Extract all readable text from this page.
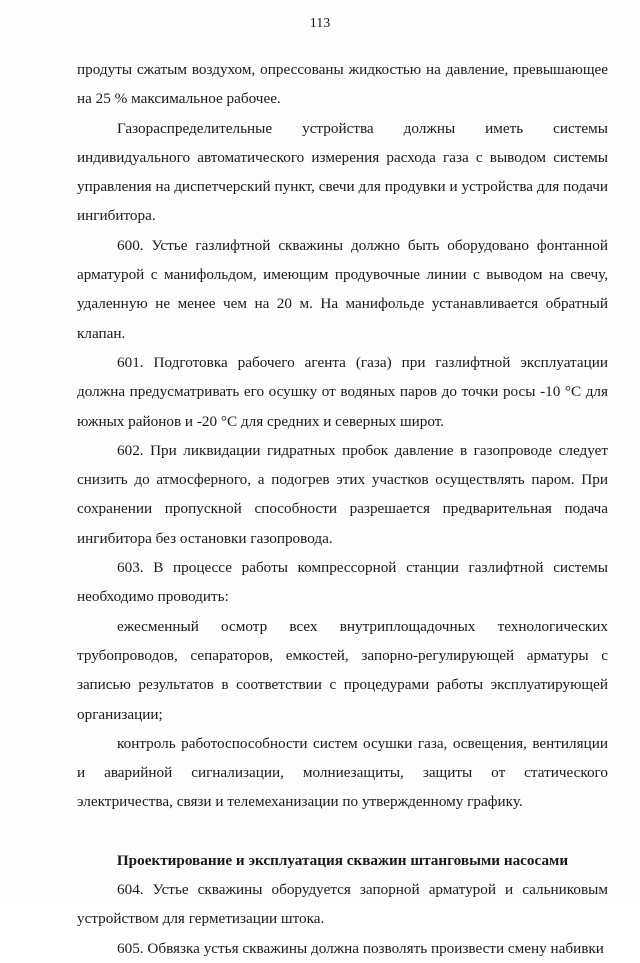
113

продуты сжатым воздухом, опрессованы жидкостью на давление, превышающее на 25 % максимальное рабочее.

Газораспределительные устройства должны иметь системы индивидуального автоматического измерения расхода газа с выводом системы управления на диспетчерский пункт, свечи для продувки и устройства для подачи ингибитора.

600. Устье газлифтной скважины должно быть оборудовано фонтанной арматурой с манифольдом, имеющим продувочные линии с выводом на свечу, удаленную не менее чем на 20 м. На манифольде устанавливается обратный клапан.

601. Подготовка рабочего агента (газа) при газлифтной эксплуатации должна предусматривать его осушку от водяных паров до точки росы -10 °С для южных районов и -20 °С для средних и северных широт.

602. При ликвидации гидратных пробок давление в газопроводе следует снизить до атмосферного, а подогрев этих участков осуществлять паром. При сохранении пропускной способности разрешается предварительная подача ингибитора без остановки газопровода.

603. В процессе работы компрессорной станции газлифтной системы необходимо проводить:

ежесменный осмотр всех внутриплощадочных технологических трубопроводов, сепараторов, емкостей, запорно-регулирующей арматуры с записью результатов в соответствии с процедурами работы эксплуатирующей организации;

контроль работоспособности систем осушки газа, освещения, вентиляции и аварийной сигнализации, молниезащиты, защиты от статического электричества, связи и телемеханизации по утвержденному графику.

Проектирование и эксплуатация скважин штанговыми насосами

604. Устье скважины оборудуется запорной арматурой и сальниковым устройством для герметизации штока.

605. Обвязка устья скважины должна позволять произвести смену набивки
